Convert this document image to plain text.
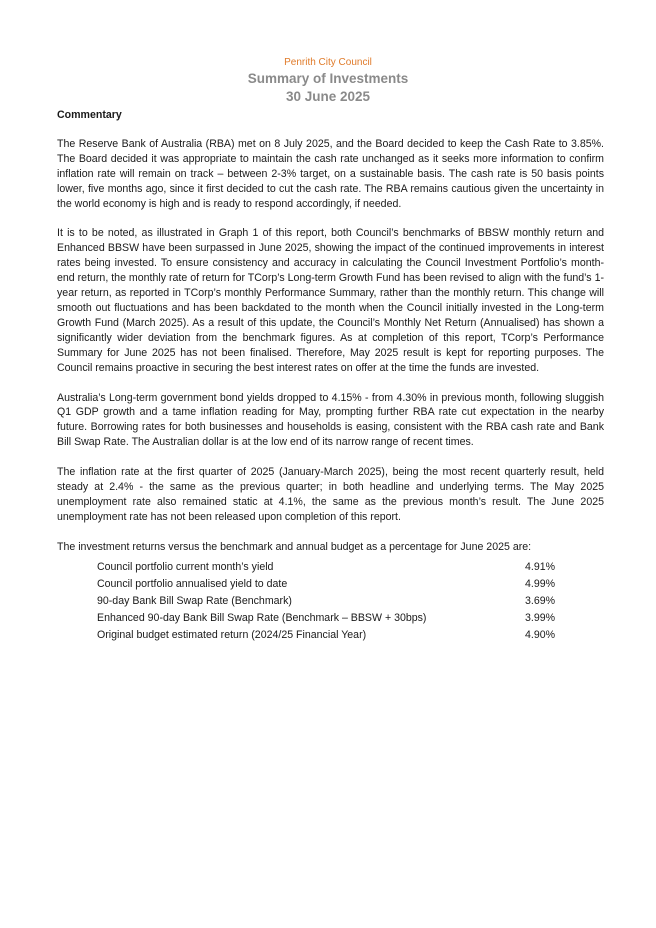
Penrith City Council
Summary of Investments
30 June 2025
Commentary

The Reserve Bank of Australia (RBA) met on 8 July 2025, and the Board decided to keep the Cash Rate to 3.85%. The Board decided it was appropriate to maintain the cash rate unchanged as it seeks more information to confirm inflation rate will remain on track – between 2-3% target, on a sustainable basis. The cash rate is 50 basis points lower, five months ago, since it first decided to cut the cash rate. The RBA remains cautious given the uncertainty in the world economy is high and is ready to respond accordingly, if needed.

It is to be noted, as illustrated in Graph 1 of this report, both Council’s benchmarks of BBSW monthly return and Enhanced BBSW have been surpassed in June 2025, showing the impact of the continued improvements in interest rates being invested. To ensure consistency and accuracy in calculating the Council Investment Portfolio’s month-end return, the monthly rate of return for TCorp’s Long-term Growth Fund has been revised to align with the fund’s 1-year return, as reported in TCorp’s monthly Performance Summary, rather than the monthly return. This change will smooth out fluctuations and has been backdated to the month when the Council initially invested in the Long-term Growth Fund (March 2025). As a result of this update, the Council’s Monthly Net Return (Annualised) has shown a significantly wider deviation from the benchmark figures. As at completion of this report, TCorp’s Performance Summary for June 2025 has not been finalised. Therefore, May 2025 result is kept for reporting purposes. The Council remains proactive in securing the best interest rates on offer at the time the funds are invested.

Australia’s Long-term government bond yields dropped to 4.15% - from 4.30% in previous month, following sluggish Q1 GDP growth and a tame inflation reading for May, prompting further RBA rate cut expectation in the nearby future. Borrowing rates for both businesses and households is easing, consistent with the RBA cash rate and Bank Bill Swap Rate. The Australian dollar is at the low end of its narrow range of recent times.

The inflation rate at the first quarter of 2025 (January-March 2025), being the most recent quarterly result, held steady at 2.4% - the same as the previous quarter; in both headline and underlying terms. The May 2025 unemployment rate also remained static at 4.1%, the same as the previous month’s result. The June 2025 unemployment rate has not been released upon completion of this report.

The investment returns versus the benchmark and annual budget as a percentage for June 2025 are:

Council portfolio current month’s yield	4.91%
Council portfolio annualised yield to date	4.99%
90-day Bank Bill Swap Rate (Benchmark)	3.69%
Enhanced 90-day Bank Bill Swap Rate (Benchmark – BBSW + 30bps)	3.99%
Original budget estimated return (2024/25 Financial Year)	4.90%
